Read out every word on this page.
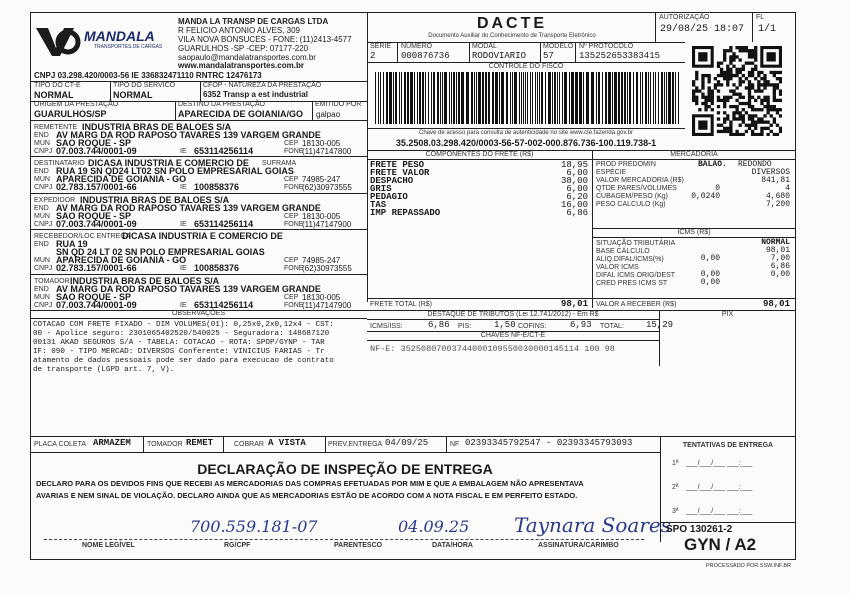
MANDALA
TRANSPORTES DE CARGAS
MANDA LA TRANSP DE CARGAS LTDA
R FELICIO ANTONIO ALVES, 309
VILA NOVA BONSUCES - FONE: (11)2413-4577
GUARULHOS -SP -CEP: 07177-220
saopaulo@mandalatransportes.com.br
www.mandalatransportes.com.br
CNPJ 03.298.420/0003-56 IE 336832471110 RNTRC 12476173
DACTE
Documento Auxiliar do Conhecimento de Transporte Eletrônico
AUTORIZAÇÃO
29/08/25 18:07
FL
1/1
SÉRIE
2
NÚMERO
000876736
MODAL
RODOVIARIO
MODELO
57
Nº PROTOCOLO
135252653383415
CONTROLE DO FISCO
Chave de acesso para consulta de autenticidade no site www.cte.fazenda.gov.br
35.2508.03.298.420/0003-56-57-002-000.876.736-100.119.738-1
TIPO DO CT-E
NORMAL
TIPO DO SERVICO
NORMAL
CFOP - NATUREZA DA PRESTAÇÃO
6352 Transp a est industrial
ORIGEM DA PRESTAÇÃO
GUARULHOS/SP
DESTINO DA PRESTAÇÃO
APARECIDA DE GOIANIA/GO
EMITIDO POR
galpao
REMETENTE INDUSTRIA BRAS DE BALOES S/A
END AV MARG DA ROD RAPOSO TAVARES 139 VARGEM GRANDE
MUN SAO ROQUE - SP	CEP 18130-005
CNPJ 07.003.744/0001-09	IE 653114256114	FONE
(11)47147800
DESTINATARIO DICASA INDUSTRIA E COMERCIO DE SUFRAMA
END RUA 19 SN QD24 LT02 SN POLO EMPRESARIAL GOIAS
MUN APARECIDA DE GOIANIA - GO	CEP 74985-247
CNPJ 02.783.157/0001-66	IE 100858376	FONE
(62)30973555
EXPEDIDOR INDUSTRIA BRAS DE BALOES S/A
END AV MARG DA ROD RAPOSO TAVARES 139 VARGEM GRANDE
MUN SAO ROQUE - SP	CEP 18130-005
CNPJ 07.003.744/0001-09	IE 653114256114	FONE
(11)47147900
RECEBEDOR/LOC ENTREGA
DICASA INDUSTRIA E COMERCIO DE
END RUA 19
SN QD 24 LT 02 SN POLO EMPRESARIAL GOIAS
MUN APARECIDA DE GOIANIA - GO	CEP 74985-247
CNPJ 02.783.157/0001-66	IE 100858376	FONE
(62)30973555
TOMADOR INDUSTRIA BRAS DE BALOES S/A
END AV MARG DA ROD RAPOSO TAVARES 139 VARGEM GRANDE
MUN SAO ROQUE - SP	CEP 18130-005
CNPJ 07.003.744/0001-09	IE 653114256114	FONE
(11)47147900
COMPONENTES DO FRETE (R$)	MERCADORIA
FRETE PESO	18,95
FRETE VALOR	6,00
DESPACHO	38,00
GRIS	6,00
PEDAGIO	6,20
TAS	16,00
IMP REPASSADO	6,86
PROD PREDOMIN	BALAO. REDONDO
ESPÉCIE	DIVERSOS
VALOR MERCADORIA (R$)	841,81
QTDE PARES/VOLUMES	0	4
CUBAGEM/PESO (Kg)	0,0240	4,680
PESO CALCULO (Kg)	7,200
ICMS (R$)
SITUAÇÃO TRIBUTÁRIA	NORMAL
BASE CÁLCULO	98,01
ALIQ.DIFAL/ICMS(%)	0,00	7,00
VALOR ICMS	6,86
DIFAL ICMS ORIG/DEST	0,00	0,00
CRED PRES ICMS ST	0,00
FRETE TOTAL (R$)	98,01 VALOR A RECEBER (R$)	98,01
DESTAQUE DE TRIBUTOS (Lei 12.741/2012) - Em R$	PIX
ICMS/ISS:	6,86 PIS:	1,50 COFINS:	6,93 TOTAL: 15,29
CHAVES NF-E/CT-E
NF-E: 35250807003744000109550030000145114 100 98
OBSERVAÇÕES
COTACAO COM FRETE FIXADO - DIM VOLUMES(01): 0,25x0,2x0,12x4 - CST:
00 - Apolice seguro: 2301065402520/540025 - Seguradora: 148687120
00131 AKAD SEGUROS S/A - TABELA: COTACAO - ROTA: SPOP/GYNP - TAR
IF: 090 - TIPO MERCAD: DIVERSOS Conferente: VINICIUS FARIAS - Tr
atamento de dados pessoais pode ser dado para execucao de contrato
de transporte (LGPD art. 7, V).
PLACA COLETA ARMAZEM TOMADOR REMET	COBRAR A VISTA	PREV.ENTREGA 04/09/25	NF 02393345792547 - 02393345793093	TENTATIVAS DE ENTREGA
1ª ___/___/___ ___:___
2ª ___/___/___ ___:___
3ª ___/___/___ ___:___
DECLARAÇÃO DE INSPEÇÃO DE ENTREGA
DECLARO PARA OS DEVIDOS FINS QUE RECEBI AS MERCADORIAS DAS COMPRAS EFETUADAS POR MIM E QUE A EMBALAGEM NÃO APRESENTAVA
AVARIAS E NEM SINAL DE VIOLAÇÃO. DECLARO AINDA QUE AS MERCADORIAS ESTÃO DE ACORDO COM A NOTA FISCAL E EM PERFEITO ESTADO.
700.559.181-07	04.09.25 Taynara Soares
NOME LEGÍVEL	RG/CPF	PARENTESCO	DATA/HORA	ASSINATURA/CARIMBO
SPO 130261-2
GYN / A2
PROCESSADO POR SSW.INF.BR
